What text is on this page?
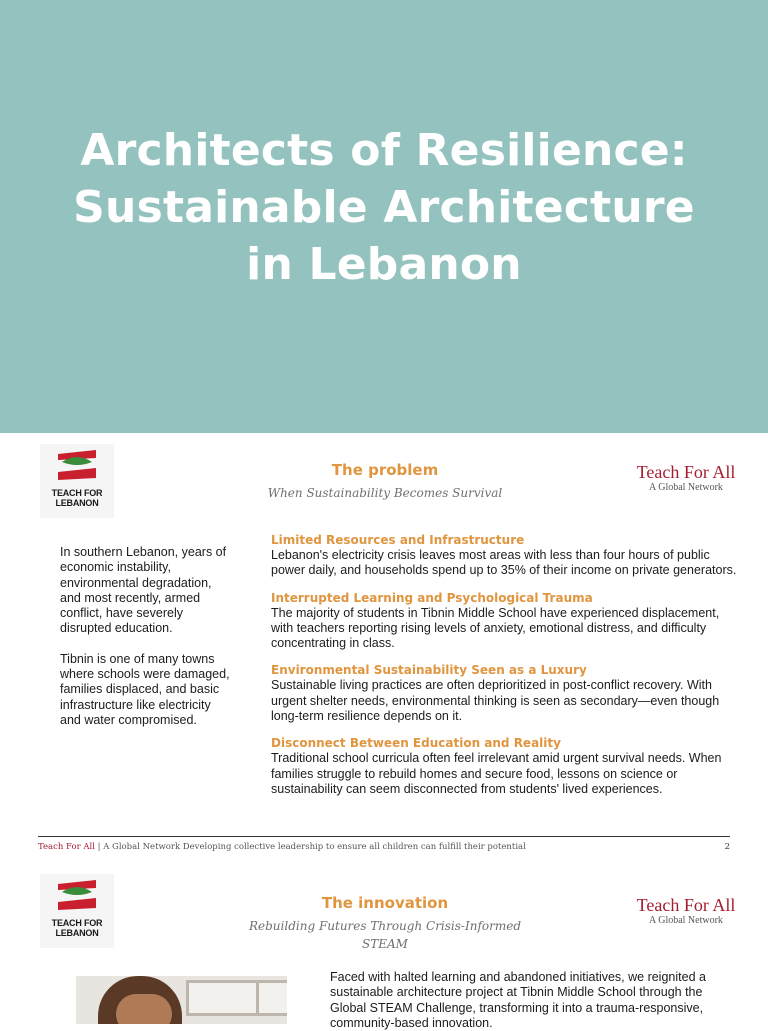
Architects of Resilience:
Sustainable Architecture
in Lebanon
TEACH FOR
LEBANON
The problem
When Sustainability Becomes Survival
Teach For All
A Global Network

In southern Lebanon, years of economic instability, environmental degradation, and most recently, armed conflict, have severely disrupted education.

Tibnin is one of many towns where schools were damaged, families displaced, and basic infrastructure like electricity and water compromised.

Limited Resources and Infrastructure
Lebanon's electricity crisis leaves most areas with less than four hours of public power daily, and households spend up to 35% of their income on private generators.
Interrupted Learning and Psychological Trauma
The majority of students in Tibnin Middle School have experienced displacement, with teachers reporting rising levels of anxiety, emotional distress, and difficulty concentrating in class.
Environmental Sustainability Seen as a Luxury
Sustainable living practices are often deprioritized in post-conflict recovery. With urgent shelter needs, environmental thinking is seen as secondary—even though long-term resilience depends on it.
Disconnect Between Education and Reality
Traditional school curricula often feel irrelevant amid urgent survival needs. When families struggle to rebuild homes and secure food, lessons on science or sustainability can seem disconnected from students' lived experiences.
Teach For All | A Global Network Developing collective leadership to ensure all children can fulfill their potential	2
TEACH FOR
LEBANON
The innovation
Rebuilding Futures Through Crisis-Informed STEAM
Teach For All
A Global Network
Faced with halted learning and abandoned initiatives, we reignited a sustainable architecture project at Tibnin Middle School through the Global STEAM Challenge, transforming it into a trauma-responsive, community-based innovation.
